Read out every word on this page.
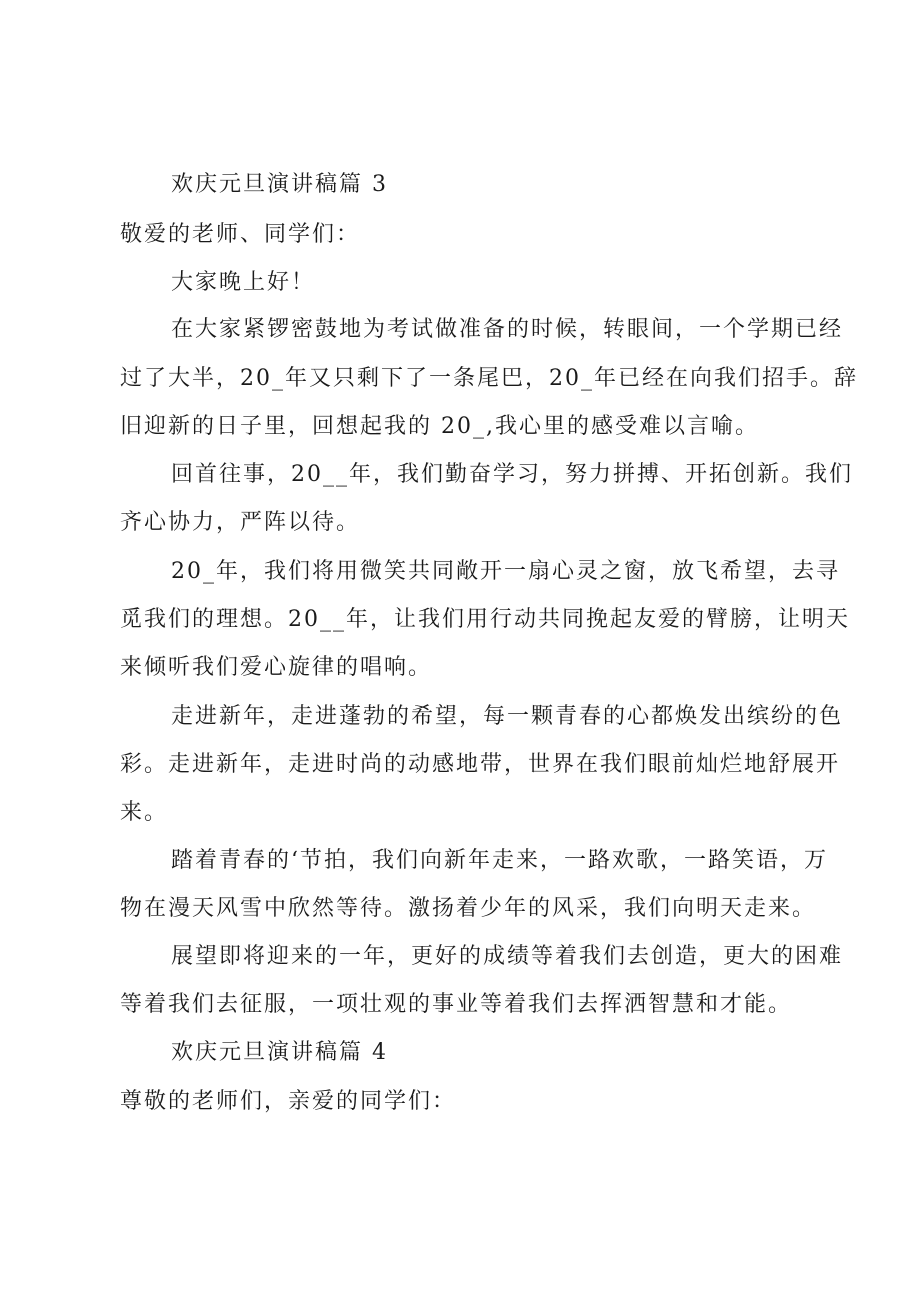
欢庆元旦演讲稿篇 3
敬爱的老师、同学们：
大家晚上好！
在大家紧锣密鼓地为考试做准备的时候，转眼间，一个学期已经
过了大半，20_年又只剩下了一条尾巴，20_年已经在向我们招手。辞
旧迎新的日子里，回想起我的 20_,我心里的感受难以言喻。
回首往事，20__年，我们勤奋学习，努力拼搏、开拓创新。我们
齐心协力，严阵以待。
20_年，我们将用微笑共同敞开一扇心灵之窗，放飞希望，去寻
觅我们的理想。20__年，让我们用行动共同挽起友爱的臂膀，让明天
来倾听我们爱心旋律的唱响。
走进新年，走进蓬勃的希望，每一颗青春的心都焕发出缤纷的色
彩。走进新年，走进时尚的动感地带，世界在我们眼前灿烂地舒展开
来。
踏着青春的‘节拍，我们向新年走来，一路欢歌，一路笑语，万
物在漫天风雪中欣然等待。激扬着少年的风采，我们向明天走来。
展望即将迎来的一年，更好的成绩等着我们去创造，更大的困难
等着我们去征服，一项壮观的事业等着我们去挥洒智慧和才能。
欢庆元旦演讲稿篇 4
尊敬的老师们，亲爱的同学们：
